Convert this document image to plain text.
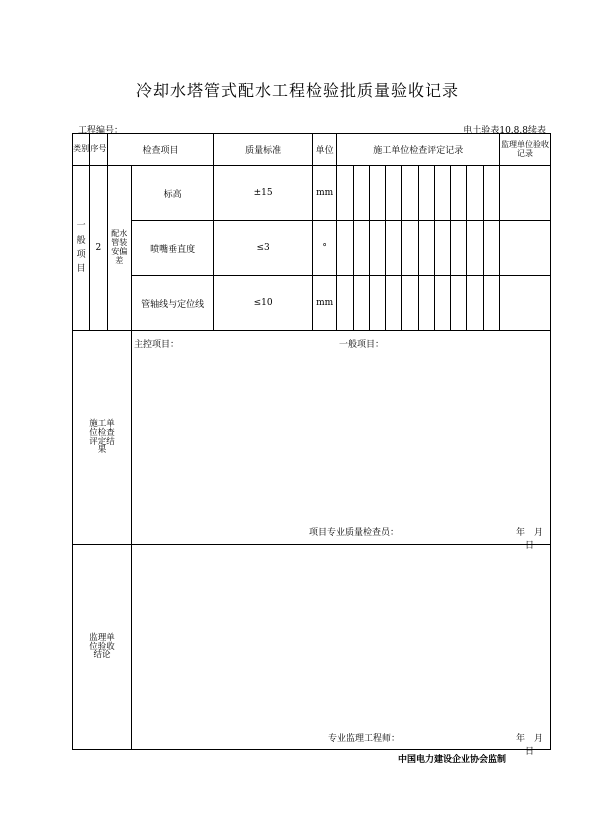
冷却水塔管式配水工程检验批质量验收记录
工程编号：	电土验表10.8.8续表
类别	序号	检查项目		质量标准	单位	施工单位检查评定记录										监理单位验收记录

一般项目	2	配水管装安偏差	标高	±15	mm											
			喷嘴垂直度	≤3	°											
			管轴线与定位线	≤10	mm											

施工单位检查评定结果			主控项目： 一般项目：
项目专业质量检查员： 年　月　日													

监理单位验收结论			专业监理工程师： 年　月　日													
中国电力建设企业协会监制
